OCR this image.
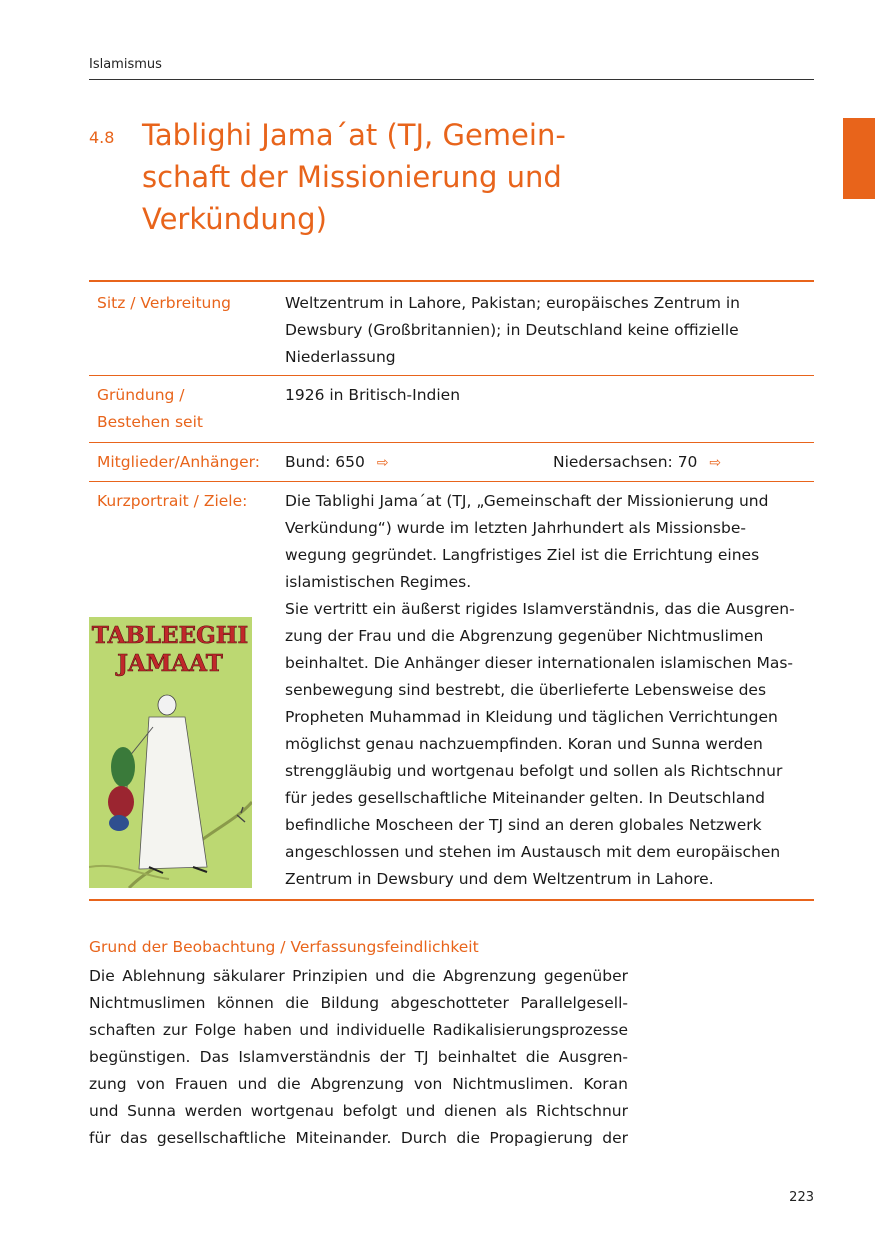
Islamismus
4.8 Tablighi Jama´at (TJ, Gemein-
schaft der Missionierung und
Verkündung)
Sitz / Verbreitung	Weltzentrum in Lahore, Pakistan; europäisches Zentrum in
Dewsbury (Großbritannien); in Deutschland keine offizielle
Niederlassung
Gründung /
Bestehen seit
1926 in Britisch-Indien
Mitglieder/Anhänger: Bund: 650 ⇨	Niedersachsen: 70 ⇨
Kurzportrait / Ziele: Die Tablighi Jama´at (TJ, „Gemeinschaft der Missionierung und
Verkündung“) wurde im letzten Jahrhundert als Missionsbe-
wegung gegründet. Langfristiges Ziel ist die Errichtung eines
islamistischen Regimes.
Sie vertritt ein äußerst rigides Islamverständnis, das die Ausgren-
zung der Frau und die Abgrenzung gegenüber Nichtmuslimen
beinhaltet. Die Anhänger dieser internationalen islamischen Mas-
senbewegung sind bestrebt, die überlieferte Lebensweise des
Propheten Muhammad in Kleidung und täglichen Verrichtungen
möglichst genau nachzuempfinden. Koran und Sunna werden
strenggläubig und wortgenau befolgt und sollen als Richtschnur
für jedes gesellschaftliche Miteinander gelten. In Deutschland
befindliche Moscheen der TJ sind an deren globales Netzwerk
angeschlossen und stehen im Austausch mit dem europäischen
Zentrum in Dewsbury und dem Weltzentrum in Lahore.
TABLEEGHI
JAMAAT
Grund der Beobachtung / Verfassungsfeindlichkeit
Die Ablehnung säkularer Prinzipien und die Abgrenzung gegenüber
Nichtmuslimen können die Bildung abgeschotteter Parallelgesell-
schaften zur Folge haben und individuelle Radikalisierungsprozesse
begünstigen. Das Islamverständnis der TJ beinhaltet die Ausgren-
zung von Frauen und die Abgrenzung von Nichtmuslimen. Koran
und Sunna werden wortgenau befolgt und dienen als Richtschnur
für das gesellschaftliche Miteinander. Durch die Propagierung der
223
